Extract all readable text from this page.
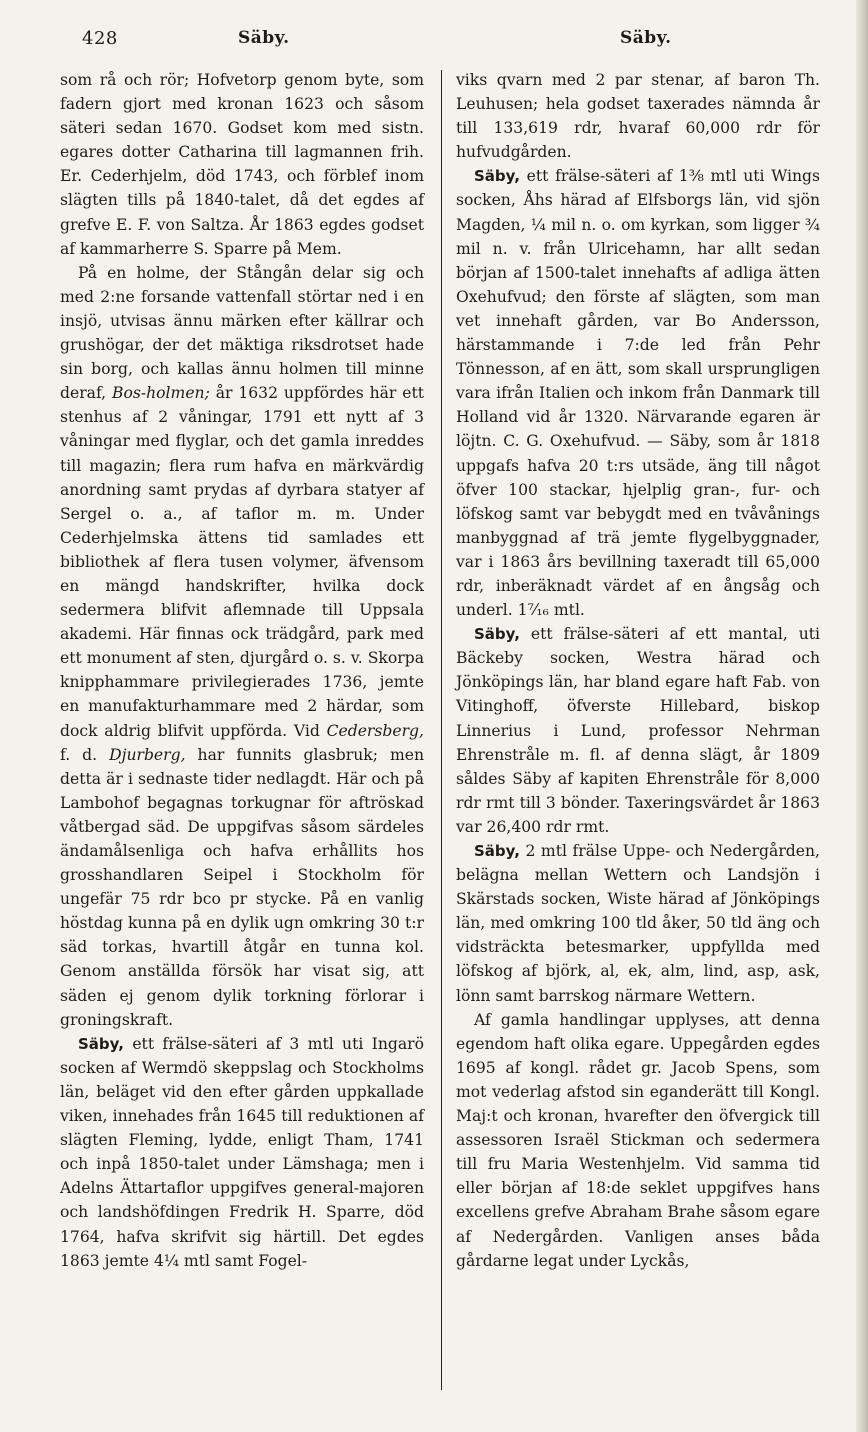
428	Säby.	Säby.

som rå och rör; Hofvetorp genom byte, som fadern gjort med kronan 1623 och såsom säteri sedan 1670. Godset kom med sistn. egares dotter Catharina till lagmannen frih. Er. Cederhjelm, död 1743, och förblef inom slägten tills på 1840-talet, då det egdes af grefve E. F. von Saltza. År 1863 egdes godset af kammarherre S. Sparre på Mem.

På en holme, der Stångån delar sig och med 2:ne forsande vattenfall störtar ned i en insjö, utvisas ännu märken efter källrar och grushögar, der det mäktiga riksdrotset hade sin borg, och kallas ännu holmen till minne deraf, Bos-holmen; år 1632 uppfördes här ett stenhus af 2 våningar, 1791 ett nytt af 3 våningar med flyglar, och det gamla inreddes till magazin; flera rum hafva en märkvärdig anordning samt prydas af dyrbara statyer af Sergel o. a., af taflor m. m. Under Cederhjelmska ättens tid samlades ett bibliothek af flera tusen volymer, äfvensom en mängd handskrifter, hvilka dock sedermera blifvit aflemnade till Uppsala akademi. Här finnas ock trädgård, park med ett monument af sten, djurgård o. s. v. Skorpa knipphammare privilegierades 1736, jemte en manufakturhammare med 2 härdar, som dock aldrig blifvit uppförda. Vid Cedersberg, f. d. Djurberg, har funnits glasbruk; men detta är i sednaste tider nedlagdt. Här och på Lambohof begagnas torkugnar för aftröskad våtbergad säd. De uppgifvas såsom särdeles ändamålsenliga och hafva erhållits hos grosshandlaren Seipel i Stockholm för ungefär 75 rdr bco pr stycke. På en vanlig höstdag kunna på en dylik ugn omkring 30 t:r säd torkas, hvartill åtgår en tunna kol. Genom anställda försök har visat sig, att säden ej genom dylik torkning förlorar i groningskraft.

Säby, ett frälse-säteri af 3 mtl uti Ingarö socken af Wermdö skeppslag och Stockholms län, beläget vid den efter gården uppkallade viken, innehades från 1645 till reduktionen af slägten Fleming, lydde, enligt Tham, 1741 och inpå 1850-talet under Lämshaga; men i Adelns Ättartaflor uppgifves general-majoren och landshöfdingen Fredrik H. Sparre, död 1764, hafva skrifvit sig härtill. Det egdes 1863 jemte 4¼ mtl samt Fogel-

viks qvarn med 2 par stenar, af baron Th. Leuhusen; hela godset taxerades nämnda år till 133,619 rdr, hvaraf 60,000 rdr för hufvudgården.

Säby, ett frälse-säteri af 1⅜ mtl uti Wings socken, Åhs härad af Elfsborgs län, vid sjön Magden, ¼ mil n. o. om kyrkan, som ligger ¾ mil n. v. från Ulricehamn, har allt sedan början af 1500-talet innehafts af adliga ätten Oxehufvud; den förste af slägten, som man vet innehaft gården, var Bo Andersson, härstammande i 7:de led från Pehr Tönnesson, af en ätt, som skall ursprungligen vara ifrån Italien och inkom från Danmark till Holland vid år 1320. Närvarande egaren är löjtn. C. G. Oxehufvud. — Säby, som år 1818 uppgafs hafva 20 t:rs utsäde, äng till något öfver 100 stackar, hjelplig gran-, fur- och löfskog samt var bebygdt med en tvåvånings manbyggnad af trä jemte flygelbyggnader, var i 1863 års bevillning taxeradt till 65,000 rdr, inberäknadt värdet af en ångsåg och underl. 1⁷⁄₁₆ mtl.

Säby, ett frälse-säteri af ett mantal, uti Bäckeby socken, Westra härad och Jönköpings län, har bland egare haft Fab. von Vitinghoff, öfverste Hillebard, biskop Linnerius i Lund, professor Nehrman Ehrenstråle m. fl. af denna slägt, år 1809 såldes Säby af kapiten Ehrenstråle för 8,000 rdr rmt till 3 bönder. Taxeringsvärdet år 1863 var 26,400 rdr rmt.

Säby, 2 mtl frälse Uppe- och Nedergården, belägna mellan Wettern och Landsjön i Skärstads socken, Wiste härad af Jönköpings län, med omkring 100 tld åker, 50 tld äng och vidsträckta betesmarker, uppfyllda med löfskog af björk, al, ek, alm, lind, asp, ask, lönn samt barrskog närmare Wettern.

Af gamla handlingar upplyses, att denna egendom haft olika egare. Uppegården egdes 1695 af kongl. rådet gr. Jacob Spens, som mot vederlag afstod sin eganderätt till Kongl. Maj:t och kronan, hvarefter den öfvergick till assessoren Israël Stickman och sedermera till fru Maria Westenhjelm. Vid samma tid eller början af 18:de seklet uppgifves hans excellens grefve Abraham Brahe såsom egare af Nedergården. Vanligen anses båda gårdarne legat under Lyckås,
